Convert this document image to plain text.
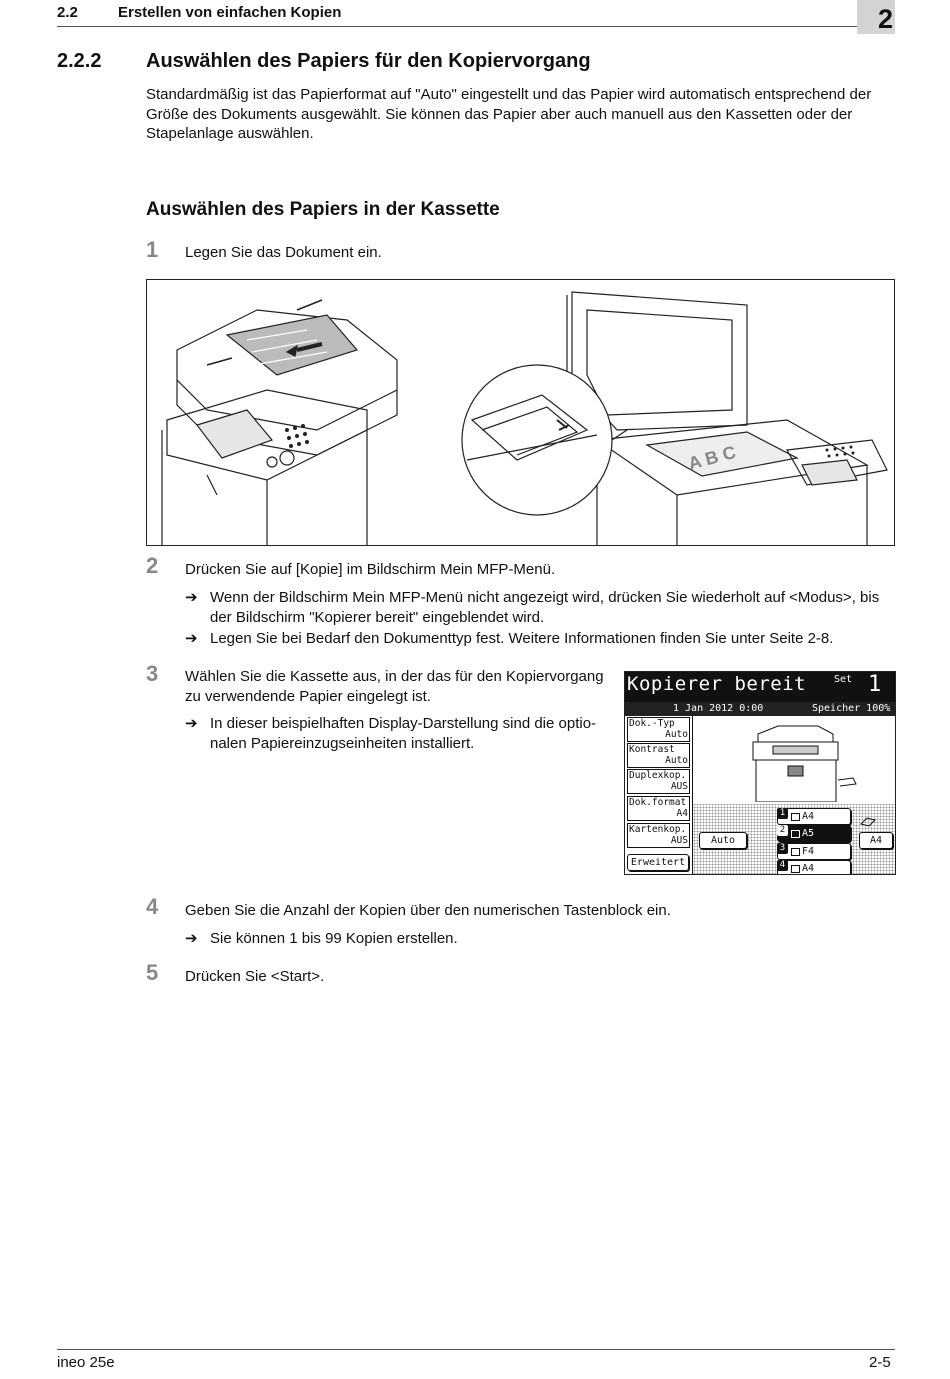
2.2	Erstellen von einfachen Kopien	2
2.2.2 Auswählen des Papiers für den Kopiervorgang
Standardmäßig ist das Papierformat auf "Auto" eingestellt und das Papier wird automatisch entsprechend der Größe des Dokuments ausgewählt. Sie können das Papier aber auch manuell aus den Kassetten oder der Stapelanlage auswählen.
Auswählen des Papiers in der Kassette
1 Legen Sie das Dokument ein.
A B C
2 Drücken Sie auf [Kopie] im Bildschirm Mein MFP-Menü.
➔ Wenn der Bildschirm Mein MFP-Menü nicht angezeigt wird, drücken Sie wiederholt auf <Modus>, bis der Bildschirm "Kopierer bereit" eingeblendet wird.
➔ Legen Sie bei Bedarf den Dokumenttyp fest. Weitere Informationen finden Sie unter Seite 2-8.
3 Wählen Sie die Kassette aus, in der das für den Kopiervorgang zu verwendende Papier eingelegt ist.
➔ In dieser beispielhaften Display-Darstellung sind die optio-nalen Papiereinzugseinheiten installiert.
Kopierer bereit	Set 1
1 Jan 2012 0:00	Speicher 100%
Dok.-Typ
Auto
Kontrast
Auto
Duplexkop.
AUS
Dok.format
A4
Kartenkop.
AUS
Erweitert
1 A4
2 A5
3 F4
4 A4
Auto	A4
4 Geben Sie die Anzahl der Kopien über den numerischen Tastenblock ein.
➔ Sie können 1 bis 99 Kopien erstellen.
5 Drücken Sie <Start>.
ineo 25e	2-5
